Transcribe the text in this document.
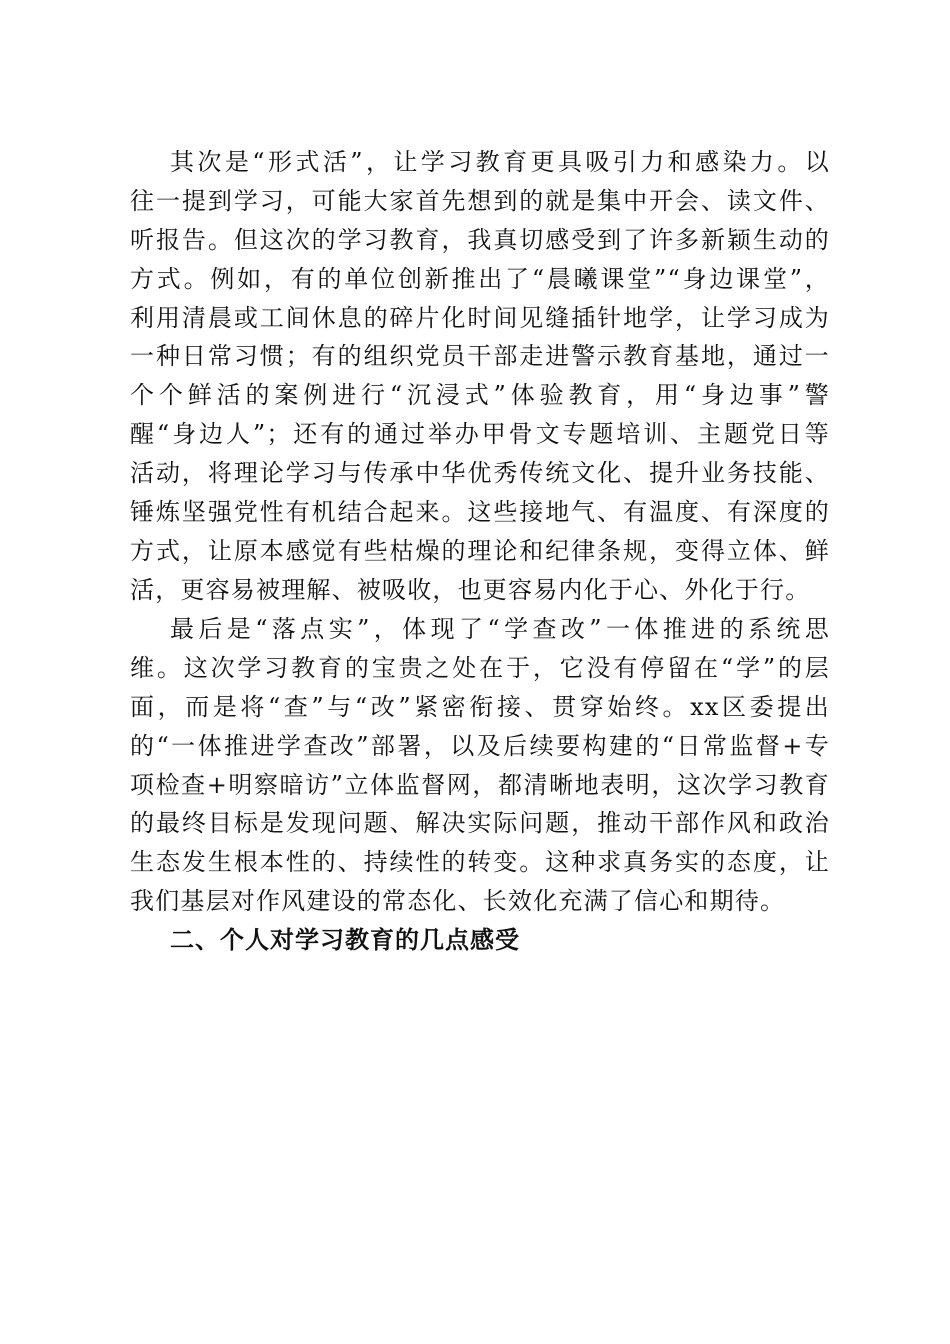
其次是“形式活”，让学习教育更具吸引力和感染力。以
往一提到学习，可能大家首先想到的就是集中开会、读文件、
听报告。但这次的学习教育，我真切感受到了许多新颖生动的
方式。例如，有的单位创新推出了“晨曦课堂”“身边课堂”，
利用清晨或工间休息的碎片化时间见缝插针地学，让学习成为
一种日常习惯；有的组织党员干部走进警示教育基地，通过一
个个鲜活的案例进行“沉浸式”体验教育，用“身边事”警
醒“身边人”；还有的通过举办甲骨文专题培训、主题党日等
活动，将理论学习与传承中华优秀传统文化、提升业务技能、
锤炼坚强党性有机结合起来。这些接地气、有温度、有深度的
方式，让原本感觉有些枯燥的理论和纪律条规，变得立体、鲜
活，更容易被理解、被吸收，也更容易内化于心、外化于行。
最后是“落点实”，体现了“学查改”一体推进的系统思
维。这次学习教育的宝贵之处在于，它没有停留在“学”的层
面，而是将“查”与“改”紧密衔接、贯穿始终。xx区委提出
的“一体推进学查改”部署，以及后续要构建的“日常监督+专
项检查+明察暗访”立体监督网，都清晰地表明，这次学习教育
的最终目标是发现问题、解决实际问题，推动干部作风和政治
生态发生根本性的、持续性的转变。这种求真务实的态度，让
我们基层对作风建设的常态化、长效化充满了信心和期待。
二、个人对学习教育的几点感受
